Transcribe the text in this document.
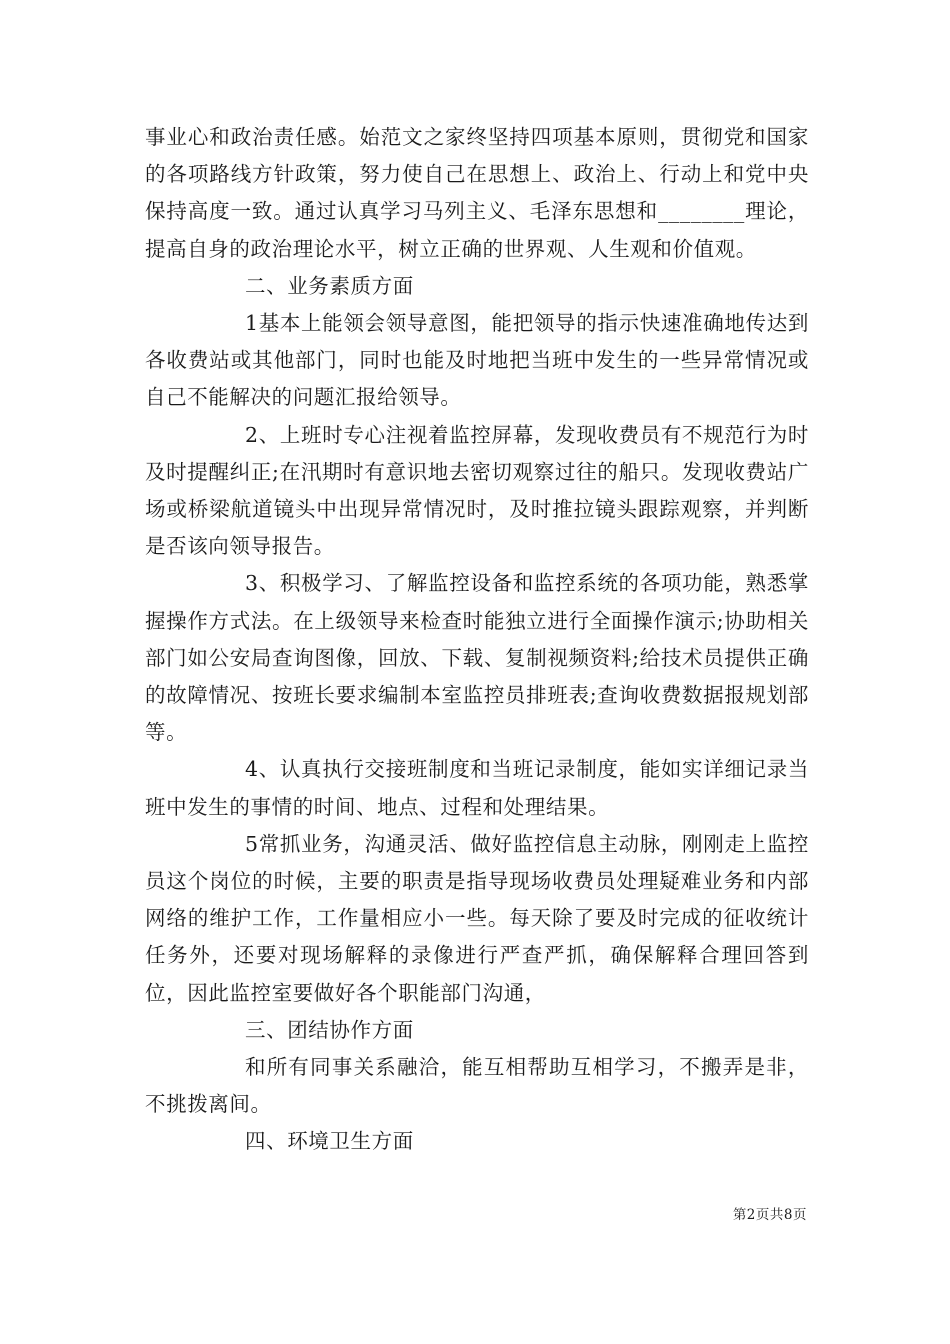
事业心和政治责任感。始范文之家终坚持四项基本原则，贯彻党和国家的各项路线方针政策，努力使自己在思想上、政治上、行动上和党中央保持高度一致。通过认真学习马列主义、毛泽东思想和________理论，提高自身的政治理论水平，树立正确的世界观、人生观和价值观。

二、业务素质方面

1基本上能领会领导意图，能把领导的指示快速准确地传达到各收费站或其他部门，同时也能及时地把当班中发生的一些异常情况或自己不能解决的问题汇报给领导。

2、上班时专心注视着监控屏幕，发现收费员有不规范行为时及时提醒纠正;在汛期时有意识地去密切观察过往的船只。发现收费站广场或桥梁航道镜头中出现异常情况时，及时推拉镜头跟踪观察，并判断是否该向领导报告。

3、积极学习、了解监控设备和监控系统的各项功能，熟悉掌握操作方式法。在上级领导来检查时能独立进行全面操作演示;协助相关部门如公安局查询图像，回放、下载、复制视频资料;给技术员提供正确的故障情况、按班长要求编制本室监控员排班表;查询收费数据报规划部等。

4、认真执行交接班制度和当班记录制度，能如实详细记录当班中发生的事情的时间、地点、过程和处理结果。

5常抓业务，沟通灵活、做好监控信息主动脉，刚刚走上监控员这个岗位的时候，主要的职责是指导现场收费员处理疑难业务和内部网络的维护工作，工作量相应小一些。每天除了要及时完成的征收统计任务外，还要对现场解释的录像进行严查严抓，确保解释合理回答到位，因此监控室要做好各个职能部门沟通，

三、团结协作方面

和所有同事关系融洽，能互相帮助互相学习，不搬弄是非，不挑拨离间。

四、环境卫生方面

第2页共8页
